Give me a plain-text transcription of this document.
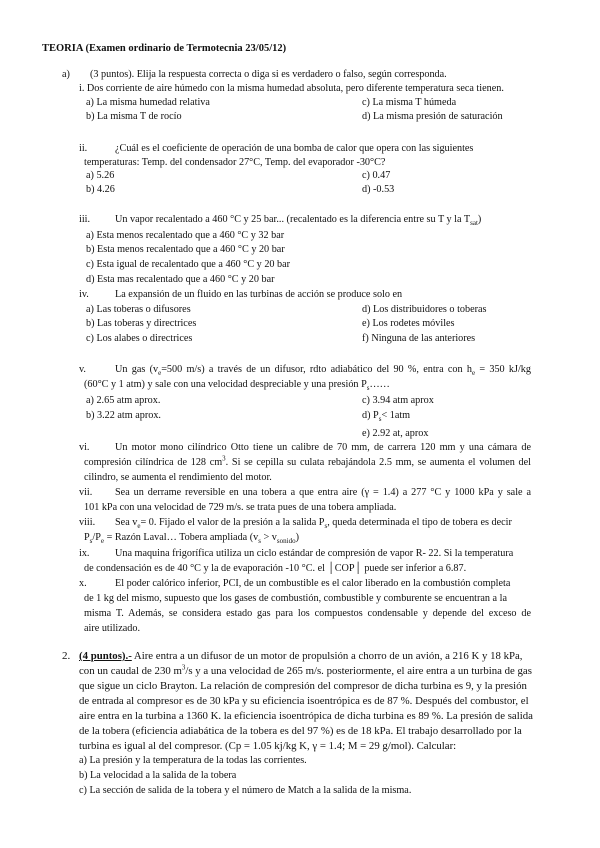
TEORIA (Examen ordinario de Termotecnia 23/05/12)
a) (3 puntos). Elija la respuesta correcta o diga si es verdadero o falso, según corresponda.
i. Dos corriente de aire húmedo con la misma humedad absoluta, pero diferente temperatura seca tienen.
a) La misma humedad relativa	c) La misma T húmeda
b) La misma T de rocío	d) La misma presión de saturación
ii.	¿Cuál es el coeficiente de operación de una bomba de calor que opera con las siguientes
temperaturas: Temp. del condensador 27°C, Temp. del evaporador -30°C?
a) 5.26	c) 0.47
b) 4.26	d) -0.53
iii. Un vapor recalentado a 460 °C y 25 bar... (recalentado es la diferencia entre su T y la $T_{sat}$)
a) Esta menos recalentado que a 460 °C y 32 bar
b) Esta menos recalentado que a 460 °C y 20 bar
c) Esta igual de recalentado que a 460 °C y 20 bar
d) Esta mas recalentado que a 460 °C y 20 bar
iv.	La expansión de un fluido en las turbinas de acción se produce solo en
a) Las toberas o difusores	d) Los distribuidores o toberas
b) Las toberas y directrices	e) Los rodetes móviles
c) Los alabes o directrices	f) Ninguna de las anteriores
v.	Un gas ($v_e=500$ m/s) a través de un difusor, rdto adiabático del 90 %, entra con $h_e = 350$ kJ/kg
(60°C y 1 atm) y sale con una velocidad despreciable y una presión $P_s\dots\dots$
a) 2.65 atm aprox.	c) 3.94 atm aprox
b) 3.22 atm aprox.	d) $P_s< 1atm$
e) 2.92 at, aprox
vi.	Un motor mono cilíndrico Otto tiene un calibre de 70 mm, de carrera 120 mm y una cámara de
compresión cilíndrica de 128 $cm^3$. Si se cepilla su culata rebajándola 2.5 mm, se aumenta el volumen del
cilindro, se aumenta el rendimiento del motor.
vii. Sea un derrame reversible en una tobera a que entra aire (γ = 1.4) a 277 °C y 1000 kPa y sale a
101 kPa con una velocidad de 729 m/s. se trata pues de una tobera ampliada.
viii. Sea $v_e= 0$. Fijado el valor de la presión a la salida $P_s$, queda determinada el tipo de tobera es decir
$P_s/P_e$ = Razón Laval… Tobera ampliada $(v_s > v_{sonido})$
ix.	Una maquina frigorífica utiliza un ciclo estándar de compresión de vapor R- 22. Si la temperatura
de condensación es de 40 °C y la de evaporación -10 °C. el │COP│ puede ser inferior a 6.87.
x.	El poder calórico inferior, PCI, de un combustible es el calor liberado en la combustión completa
de 1 kg del mismo, supuesto que los gases de combustión, combustible y comburente se encuentran a la
misma T. Además, se considera estado gas para los compuestos condensable y depende del exceso de
aire utilizado.
2. (4 puntos).- Aire entra a un difusor de un motor de propulsión a chorro de un avión, a 216 K y 18 kPa,
con un caudal de 230 $m^3/s$ y a una velocidad de 265 m/s. posteriormente, el aire entra a un turbina de gas
que sigue un ciclo Brayton. La relación de compresión del compresor de dicha turbina es 9, y la presión
de entrada al compresor es de 30 kPa y su eficiencia isoentrópica es de 87 %. Después del combustor, el
aire entra en la turbina a 1360 K. la eficiencia isoentrópica de dicha turbina es 89 %. La presión de salida
de la tobera (eficiencia adiabática de la tobera es del 97 %) es de 18 kPa. El trabajo desarrollado por la
turbina es igual al del compresor. (Cp = 1.05 kj/kg K, γ = 1.4; M = 29 g/mol). Calcular:
a) La presión y la temperatura de la todas las corrientes.
b) La velocidad a la salida de la tobera
c) La sección de salida de la tobera y el número de Match a la salida de la misma.
